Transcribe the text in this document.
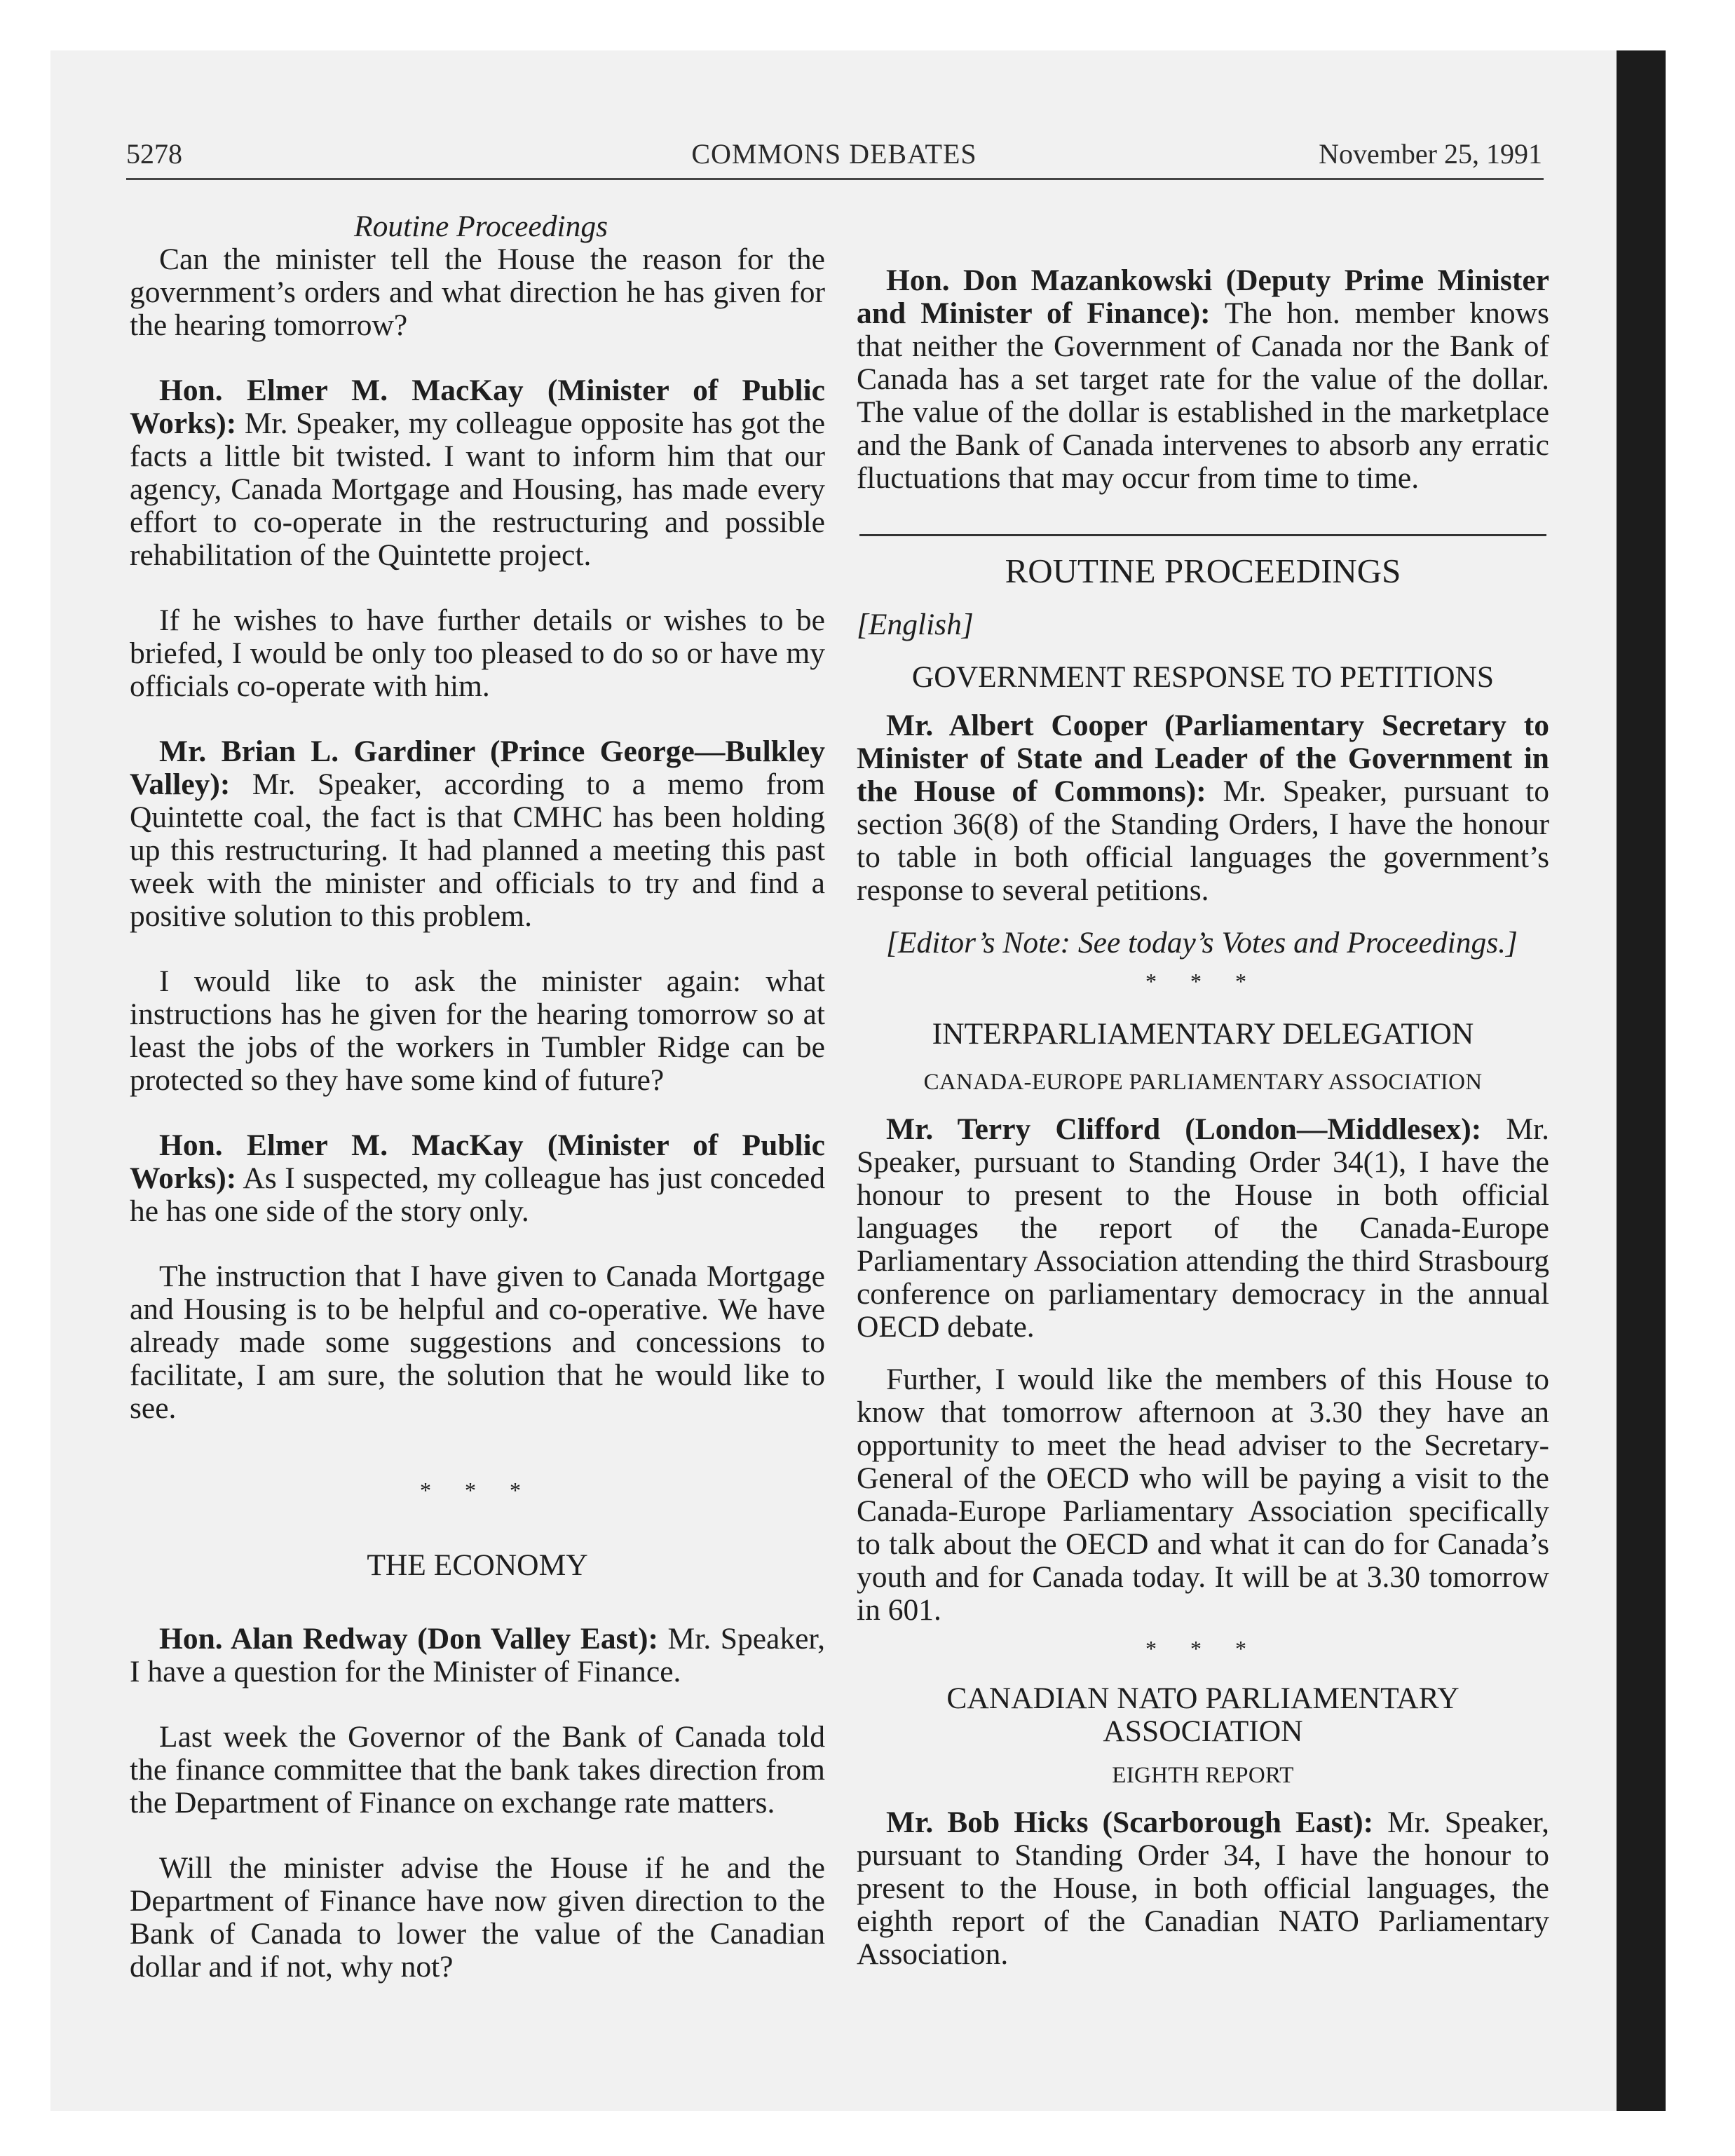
5278	COMMONS DEBATES	November 25, 1991

Routine Proceedings

Can the minister tell the House the reason for the government’s orders and what direction he has given for the hearing tomorrow?

Hon. Elmer M. MacKay (Minister of Public Works): Mr. Speaker, my colleague opposite has got the facts a little bit twisted. I want to inform him that our agency, Canada Mortgage and Housing, has made every effort to co-operate in the restructuring and possible rehabilitation of the Quintette project.

If he wishes to have further details or wishes to be briefed, I would be only too pleased to do so or have my officials co-operate with him.

Mr. Brian L. Gardiner (Prince George—Bulkley Valley): Mr. Speaker, according to a memo from Quintette coal, the fact is that CMHC has been holding up this restructuring. It had planned a meeting this past week with the minister and officials to try and find a positive solution to this problem.

I would like to ask the minister again: what instructions has he given for the hearing tomorrow so at least the jobs of the workers in Tumbler Ridge can be protected so they have some kind of future?

Hon. Elmer M. MacKay (Minister of Public Works): As I suspected, my colleague has just conceded he has one side of the story only.

The instruction that I have given to Canada Mortgage and Housing is to be helpful and co-operative. We have already made some suggestions and concessions to facilitate, I am sure, the solution that he would like to see.

* * *

THE ECONOMY

Hon. Alan Redway (Don Valley East): Mr. Speaker, I have a question for the Minister of Finance.

Last week the Governor of the Bank of Canada told the finance committee that the bank takes direction from the Department of Finance on exchange rate matters.

Will the minister advise the House if he and the Department of Finance have now given direction to the Bank of Canada to lower the value of the Canadian dollar and if not, why not?

Hon. Don Mazankowski (Deputy Prime Minister and Minister of Finance): The hon. member knows that neither the Government of Canada nor the Bank of Canada has a set target rate for the value of the dollar. The value of the dollar is established in the marketplace and the Bank of Canada intervenes to absorb any erratic fluctuations that may occur from time to time.

ROUTINE PROCEEDINGS

[English]

GOVERNMENT RESPONSE TO PETITIONS

Mr. Albert Cooper (Parliamentary Secretary to Minister of State and Leader of the Government in the House of Commons): Mr. Speaker, pursuant to section 36(8) of the Standing Orders, I have the honour to table in both official languages the government’s response to several petitions.

[Editor’s Note: See today’s Votes and Proceedings.]

* * *

INTERPARLIAMENTARY DELEGATION

CANADA-EUROPE PARLIAMENTARY ASSOCIATION

Mr. Terry Clifford (London—Middlesex): Mr. Speaker, pursuant to Standing Order 34(1), I have the honour to present to the House in both official languages the report of the Canada-Europe Parliamentary Association attending the third Strasbourg conference on parliamentary democracy in the annual OECD debate.

Further, I would like the members of this House to know that tomorrow afternoon at 3.30 they have an opportunity to meet the head adviser to the Secretary-General of the OECD who will be paying a visit to the Canada-Europe Parliamentary Association specifically to talk about the OECD and what it can do for Canada’s youth and for Canada today. It will be at 3.30 tomorrow in 601.

* * *

CANADIAN NATO PARLIAMENTARY ASSOCIATION

EIGHTH REPORT

Mr. Bob Hicks (Scarborough East): Mr. Speaker, pursuant to Standing Order 34, I have the honour to present to the House, in both official languages, the eighth report of the Canadian NATO Parliamentary Association.
